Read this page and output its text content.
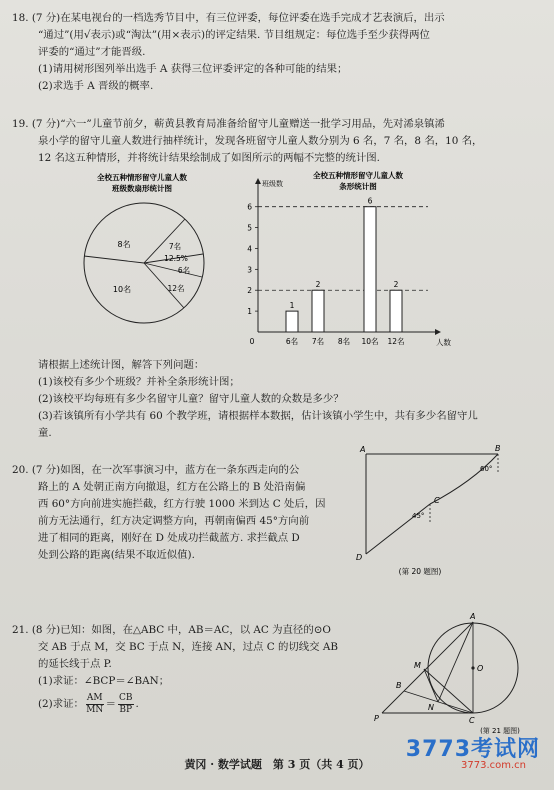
18. (7 分)在某电视台的一档选秀节目中，有三位评委，每位评委在选手完成才艺表演后，出示

“通过”(用√表示)或“淘汰”(用×表示)的评定结果. 节目组规定：每位选手至少获得两位

评委的“通过”才能晋级.

(1)请用树形图列举出选手 A 获得三位评委评定的各种可能的结果；

(2)求选手 A 晋级的概率.

19. (7 分)“六一”儿童节前夕，蕲黄县教育局准备给留守儿童赠送一批学习用品，先对浠泉镇浠

泉小学的留守儿童人数进行抽样统计，发现各班留守儿童人数分别为 6 名，7 名，8 名，10 名，

12 名这五种情形，并将统计结果绘制成了如图所示的两幅不完整的统计图.

全校五种情形留守儿童人数
班级数扇形统计图
8名	7名
12.5%
6名
12名
10名
全校五种情形留守儿童人数
条形统计图
班级数
人数
0
1
2
3
4
5
6
6名
1
7名
2
8名 10名
6
12名
2

请根据上述统计图，解答下列问题：

(1)该校有多少个班级？并补全条形统计图；

(2)该校平均每班有多少名留守儿童？留守儿童人数的众数是多少？

(3)若该镇所有小学共有 60 个教学班，请根据样本数据，估计该镇小学生中，共有多少名留守儿

童.

20. (7 分)如图，在一次军事演习中，蓝方在一条东西走向的公

路上的 A 处朝正南方向撤退，红方在公路上的 B 处沿南偏

西 60°方向前进实施拦截，红方行驶 1000 米到达 C 处后，因

前方无法通行，红方决定调整方向，再朝南偏西 45°方向前

进了相同的距离，刚好在 D 处成功拦截蓝方. 求拦截点 D

处到公路的距离(结果不取近似值).

A	B
C
D
60°
45°
(第 20 题图)

21. (8 分)已知：如图，在△ABC 中，AB＝AC，以 AC 为直径的⊙O

交 AB 于点 M，交 BC 于点 N，连接 AN，过点 C 的切线交 AB

的延长线于点 P.

(1)求证：∠BCP＝∠BAN；

(2)求证： $\frac{AM}{MN} = \frac{CB}{BP}$ .

A
M	O
B
N
P	C
(第 21 题图)
黄冈 · 数学试题　第 3 页（共 4 页）
3773考试网
3773.com.cn
